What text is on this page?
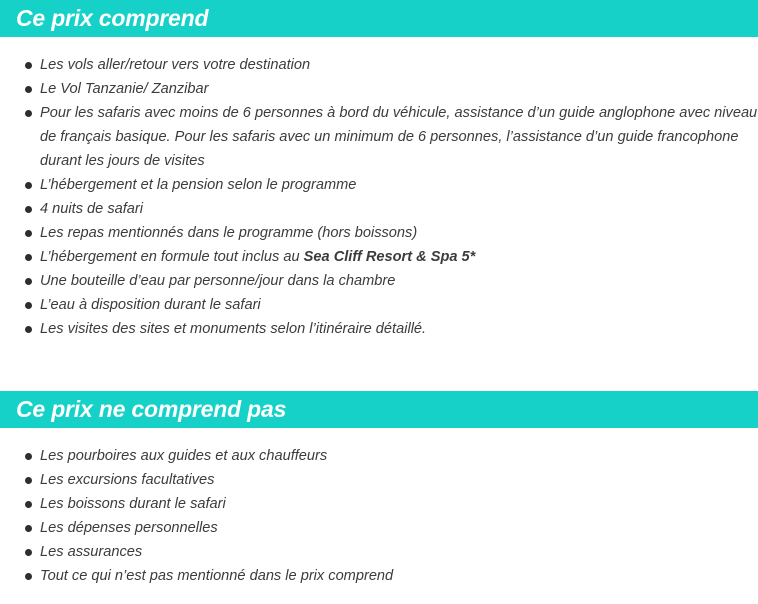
Ce prix comprend
Les vols aller/retour vers votre destination
Le Vol Tanzanie/ Zanzibar
Pour les safaris avec moins de 6 personnes à bord du véhicule, assistance d’un guide anglophone avec niveau de français basique. Pour les safaris avec un minimum de 6 personnes, l’assistance d’un guide francophone durant les jours de visites
L’hébergement et la pension selon le programme
4 nuits de safari
Les repas mentionnés dans le programme (hors boissons)
L’hébergement en formule tout inclus au Sea Cliff Resort & Spa 5*
Une bouteille d’eau par personne/jour dans la chambre
L’eau à disposition durant le safari
Les visites des sites et monuments selon l’itinéraire détaillé.
Ce prix ne comprend pas
Les pourboires aux guides et aux chauffeurs
Les excursions facultatives
Les boissons durant le safari
Les dépenses personnelles
Les assurances
Tout ce qui n’est pas mentionné dans le prix comprend
